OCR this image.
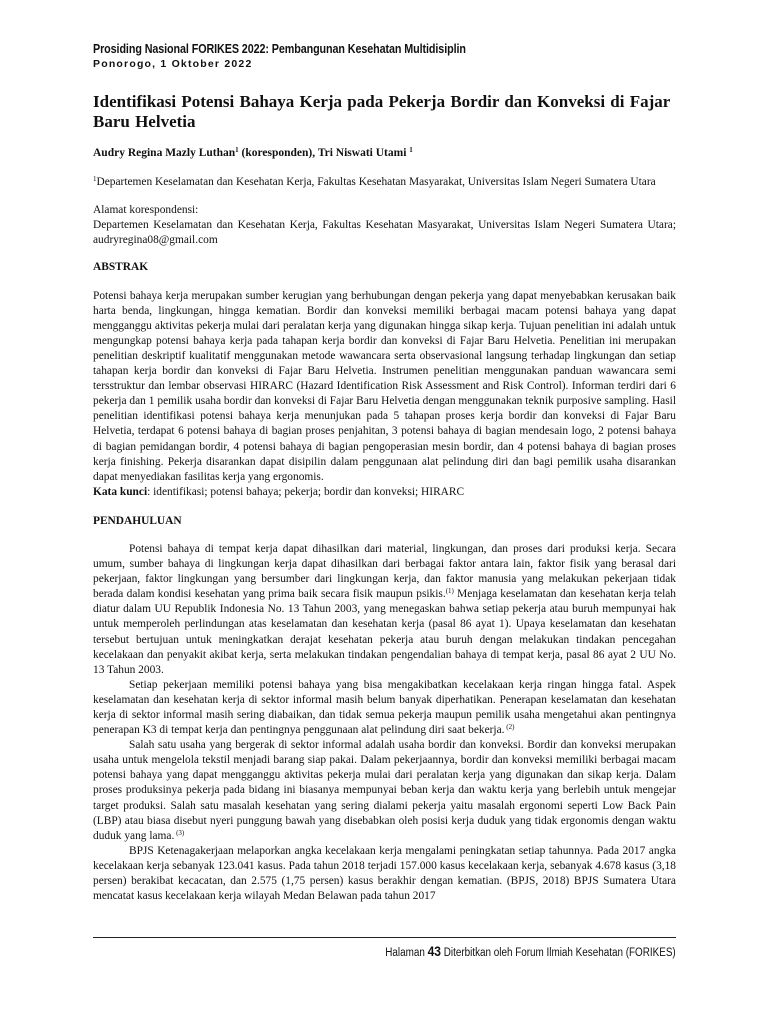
Prosiding Nasional FORIKES 2022: Pembangunan Kesehatan Multidisiplin
Ponorogo, 1 Oktober 2022
Identifikasi Potensi Bahaya Kerja pada Pekerja Bordir dan Konveksi di Fajar Baru Helvetia
Audry Regina Mazly Luthan$^1$ (koresponden), Tri Niswati Utami $^1$
$^1$Departemen Keselamatan dan Kesehatan Kerja, Fakultas Kesehatan Masyarakat, Universitas Islam Negeri Sumatera Utara
Alamat korespondensi:
Departemen Keselamatan dan Kesehatan Kerja, Fakultas Kesehatan Masyarakat, Universitas Islam Negeri Sumatera Utara; audryregina08@gmail.com
ABSTRAK
Potensi bahaya kerja merupakan sumber kerugian yang berhubungan dengan pekerja yang dapat menyebabkan kerusakan baik harta benda, lingkungan, hingga kematian. Bordir dan konveksi memiliki berbagai macam potensi bahaya yang dapat mengganggu aktivitas pekerja mulai dari peralatan kerja yang digunakan hingga sikap kerja. Tujuan penelitian ini adalah untuk mengungkap potensi bahaya kerja pada tahapan kerja bordir dan konveksi di Fajar Baru Helvetia. Penelitian ini merupakan penelitian deskriptif kualitatif menggunakan metode wawancara serta observasional langsung terhadap lingkungan dan setiap tahapan kerja bordir dan konveksi di Fajar Baru Helvetia. Instrumen penelitian menggunakan panduan wawancara semi tersstruktur dan lembar observasi HIRARC (Hazard Identification Risk Assessment and Risk Control). Informan terdiri dari 6 pekerja dan 1 pemilik usaha bordir dan konveksi di Fajar Baru Helvetia dengan menggunakan teknik purposive sampling. Hasil penelitian identifikasi potensi bahaya kerja menunjukan pada 5 tahapan proses kerja bordir dan konveksi di Fajar Baru Helvetia, terdapat 6 potensi bahaya di bagian proses penjahitan, 3 potensi bahaya di bagian mendesain logo, 2 potensi bahaya di bagian pemidangan bordir, 4 potensi bahaya di bagian pengoperasian mesin bordir, dan 4 potensi bahaya di bagian proses kerja finishing. Pekerja disarankan dapat disipilin dalam penggunaan alat pelindung diri dan bagi pemilik usaha disarankan dapat menyediakan fasilitas kerja yang ergonomis.
Kata kunci: identifikasi; potensi bahaya; pekerja; bordir dan konveksi; HIRARC
PENDAHULUAN

Potensi bahaya di tempat kerja dapat dihasilkan dari material, lingkungan, dan proses dari produksi kerja. Secara umum, sumber bahaya di lingkungan kerja dapat dihasilkan dari berbagai faktor antara lain, faktor fisik yang berasal dari pekerjaan, faktor lingkungan yang bersumber dari lingkungan kerja, dan faktor manusia yang melakukan pekerjaan tidak berada dalam kondisi kesehatan yang prima baik secara fisik maupun psikis.$^{(1)}$ Menjaga keselamatan dan kesehatan kerja telah diatur dalam UU Republik Indonesia No. 13 Tahun 2003, yang menegaskan bahwa setiap pekerja atau buruh mempunyai hak untuk memperoleh perlindungan atas keselamatan dan kesehatan kerja (pasal 86 ayat 1). Upaya keselamatan dan kesehatan tersebut bertujuan untuk meningkatkan derajat kesehatan pekerja atau buruh dengan melakukan tindakan pencegahan kecelakaan dan penyakit akibat kerja, serta melakukan tindakan pengendalian bahaya di tempat kerja, pasal 86 ayat 2 UU No. 13 Tahun 2003.

Setiap pekerjaan memiliki potensi bahaya yang bisa mengakibatkan kecelakaan kerja ringan hingga fatal. Aspek keselamatan dan kesehatan kerja di sektor informal masih belum banyak diperhatikan. Penerapan keselamatan dan kesehatan kerja di sektor informal masih sering diabaikan, dan tidak semua pekerja maupun pemilik usaha mengetahui akan pentingnya penerapan K3 di tempat kerja dan pentingnya penggunaan alat pelindung diri saat bekerja. $^{(2)}$

Salah satu usaha yang bergerak di sektor informal adalah usaha bordir dan konveksi. Bordir dan konveksi merupakan usaha untuk mengelola tekstil menjadi barang siap pakai. Dalam pekerjaannya, bordir dan konveksi memiliki berbagai macam potensi bahaya yang dapat mengganggu aktivitas pekerja mulai dari peralatan kerja yang digunakan dan sikap kerja. Dalam proses produksinya pekerja pada bidang ini biasanya mempunyai beban kerja dan waktu kerja yang berlebih untuk mengejar target produksi. Salah satu masalah kesehatan yang sering dialami pekerja yaitu masalah ergonomi seperti Low Back Pain (LBP) atau biasa disebut nyeri punggung bawah yang disebabkan oleh posisi kerja duduk yang tidak ergonomis dengan waktu duduk yang lama. $^{(3)}$

BPJS Ketenagakerjaan melaporkan angka kecelakaan kerja mengalami peningkatan setiap tahunnya. Pada 2017 angka kecelakaan kerja sebanyak 123.041 kasus. Pada tahun 2018 terjadi 157.000 kasus kecelakaan kerja, sebanyak 4.678 kasus (3,18 persen) berakibat kecacatan, dan 2.575 (1,75 persen) kasus berakhir dengan kematian. (BPJS, 2018) BPJS Sumatera Utara mencatat kasus kecelakaan kerja wilayah Medan Belawan pada tahun 2017

Halaman 43 Diterbitkan oleh Forum Ilmiah Kesehatan (FORIKES)
